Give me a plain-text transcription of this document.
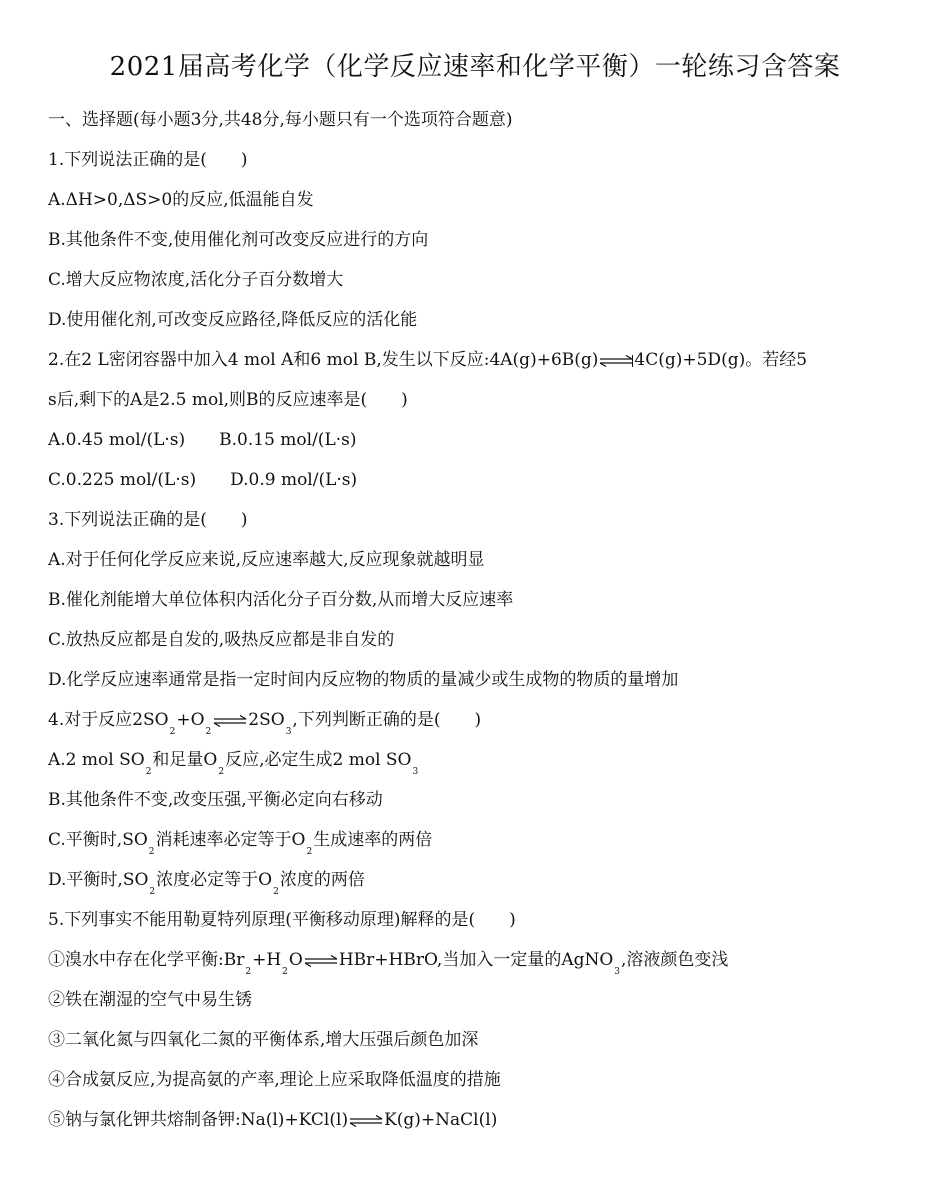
2021届高考化学（化学反应速率和化学平衡）一轮练习含答案
一、选择题(每小题3分,共48分,每小题只有一个选项符合题意)
1.下列说法正确的是(　　)
A.ΔH>0,ΔS>0的反应,低温能自发
B.其他条件不变,使用催化剂可改变反应进行的方向
C.增大反应物浓度,活化分子百分数增大
D.使用催化剂,可改变反应路径,降低反应的活化能
2.在2 L密闭容器中加入4 mol A和6 mol B,发生以下反应:4A(g)+6B(g)⇌4C(g)+5D(g)。若经5
s后,剩下的A是2.5 mol,则B的反应速率是(　　)
A.0.45 mol/(L·s)　　B.0.15 mol/(L·s)
C.0.225 mol/(L·s)　　D.0.9 mol/(L·s)
3.下列说法正确的是(　　)
A.对于任何化学反应来说,反应速率越大,反应现象就越明显
B.催化剂能增大单位体积内活化分子百分数,从而增大反应速率
C.放热反应都是自发的,吸热反应都是非自发的
D.化学反应速率通常是指一定时间内反应物的物质的量减少或生成物的物质的量增加
4.对于反应$2SO_2+O_2$
$\rightleftharpoons 2SO_3$,下列判断正确的是(　　)
A.2 mol $SO_2$和足量$O_2$反应,必定生成2 mol $SO_3$
B.其他条件不变,改变压强,平衡必定向右移动
C.平衡时$,SO_2$消耗速率必定等于$O_2$生成速率的两倍
D.平衡时$,SO_2$浓度必定等于$O_2$浓度的两倍
5.下列事实不能用勒夏特列原理(平衡移动原理)解释的是(　　)
①溴水中存在化学平衡$:Br_2+H_2O\rightleftharpoons HBr+HBrO$,当加入一定量的AgNO$_3$,溶液颜色变浅
②铁在潮湿的空气中易生锈
③二氧化氮与四氧化二氮的平衡体系,增大压强后颜色加深
④合成氨反应,为提高氨的产率,理论上应采取降低温度的措施
⑤钠与氯化钾共熔制备钾:Na(l)+KCl(l)⇌K(g)+NaCl(l)
